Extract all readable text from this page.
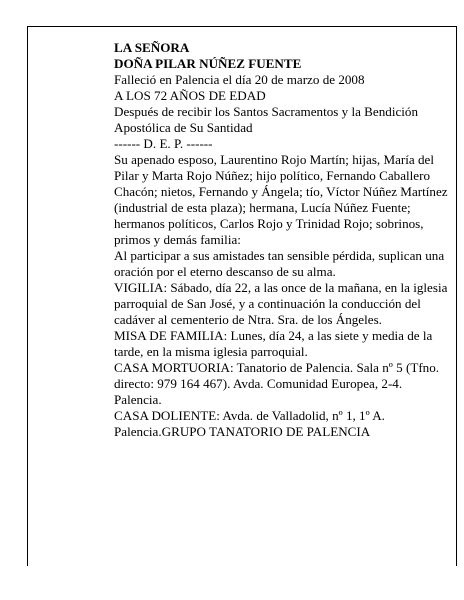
LA SEÑORA

DOÑA PILAR NÚÑEZ FUENTE

Falleció en Palencia el día 20 de marzo de 2008

A LOS 72 AÑOS DE EDAD

Después de recibir los Santos Sacramentos y la Bendición Apostólica de Su Santidad

------ D. E. P. ------

Su apenado esposo, Laurentino Rojo Martín; hijas, María del Pilar y Marta Rojo Núñez; hijo político, Fernando Caballero Chacón; nietos, Fernando y Ángela; tío, Víctor Núñez Martínez (industrial de esta plaza); hermana, Lucía Núñez Fuente; hermanos políticos, Carlos Rojo y Trinidad Rojo; sobrinos, primos y demás familia:

Al participar a sus amistades tan sensible pérdida, suplican una oración por el eterno descanso de su alma.

VIGILIA: Sábado, día 22, a las once de la mañana, en la iglesia parroquial de San José, y a continuación la conducción del cadáver al cementerio de Ntra. Sra. de los Ángeles.

MISA DE FAMILIA: Lunes, día 24, a las siete y media de la tarde, en la misma iglesia parroquial.

CASA MORTUORIA: Tanatorio de Palencia. Sala nº 5 (Tfno. directo: 979 164 467). Avda. Comunidad Europea, 2-4. Palencia.

CASA DOLIENTE: Avda. de Valladolid, nº 1, 1º A. Palencia.GRUPO TANATORIO DE PALENCIA
